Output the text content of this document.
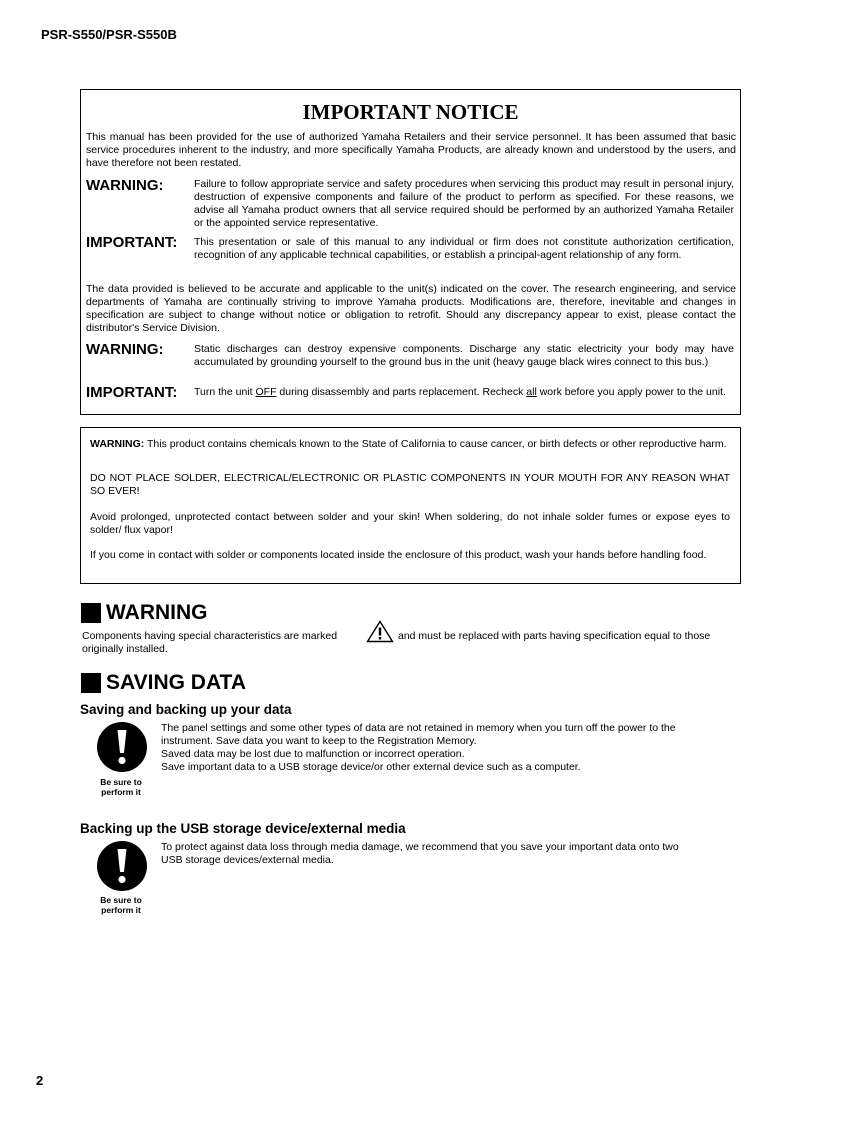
PSR-S550/PSR-S550B
IMPORTANT NOTICE

This manual has been provided for the use of authorized Yamaha Retailers and their service personnel. It has been assumed that basic service procedures inherent to the industry, and more specifically Yamaha Products, are already known and understood by the users, and have therefore not been restated.

WARNING:	Failure to follow appropriate service and safety procedures when servicing this product may result in personal injury, destruction of expensive components and failure of the product to perform as specified. For these reasons, we advise all Yamaha product owners that all service required should be performed by an authorized Yamaha Retailer or the appointed service representative.

IMPORTANT: This presentation or sale of this manual to any individual or firm does not constitute authorization certification, recognition of any applicable technical capabilities, or establish a principal-agent relationship of any form.

The data provided is believed to be accurate and applicable to the unit(s) indicated on the cover. The research engineering, and service departments of Yamaha are continually striving to improve Yamaha products. Modifications are, therefore, inevitable and changes in specification are subject to change without notice or obligation to retrofit. Should any discrepancy appear to exist, please contact the distributor's Service Division.

WARNING:	Static discharges can destroy expensive components. Discharge any static electricity your body may have accumulated by grounding yourself to the ground bus in the unit (heavy gauge black wires connect to this bus.)

IMPORTANT: Turn the unit OFF during disassembly and parts replacement. Recheck all work before you apply power to the unit.

WARNING: This product contains chemicals known to the State of California to cause cancer, or birth defects or other reproductive harm.

DO NOT PLACE SOLDER, ELECTRICAL/ELECTRONIC OR PLASTIC COMPONENTS IN YOUR MOUTH FOR ANY REASON WHAT SO EVER!

Avoid prolonged, unprotected contact between solder and your skin! When soldering, do not inhale solder fumes or expose eyes to solder/ flux vapor!

If you come in contact with solder or components located inside the enclosure of this product, wash your hands before handling food.

WARNING
Components having special characteristics are marked	and must be replaced with parts having specification equal to those originally installed.
SAVING DATA
Saving and backing up your data
Be sure to
perform it
The panel settings and some other types of data are not retained in memory when you turn off the power to the
instrument. Save data you want to keep to the Registration Memory.
Saved data may be lost due to malfunction or incorrect operation.
Save important data to a USB storage device/or other external device such as a computer.
Backing up the USB storage device/external media
Be sure to
perform it
To protect against data loss through media damage, we recommend that you save your important data onto two
USB storage devices/external media.
2
